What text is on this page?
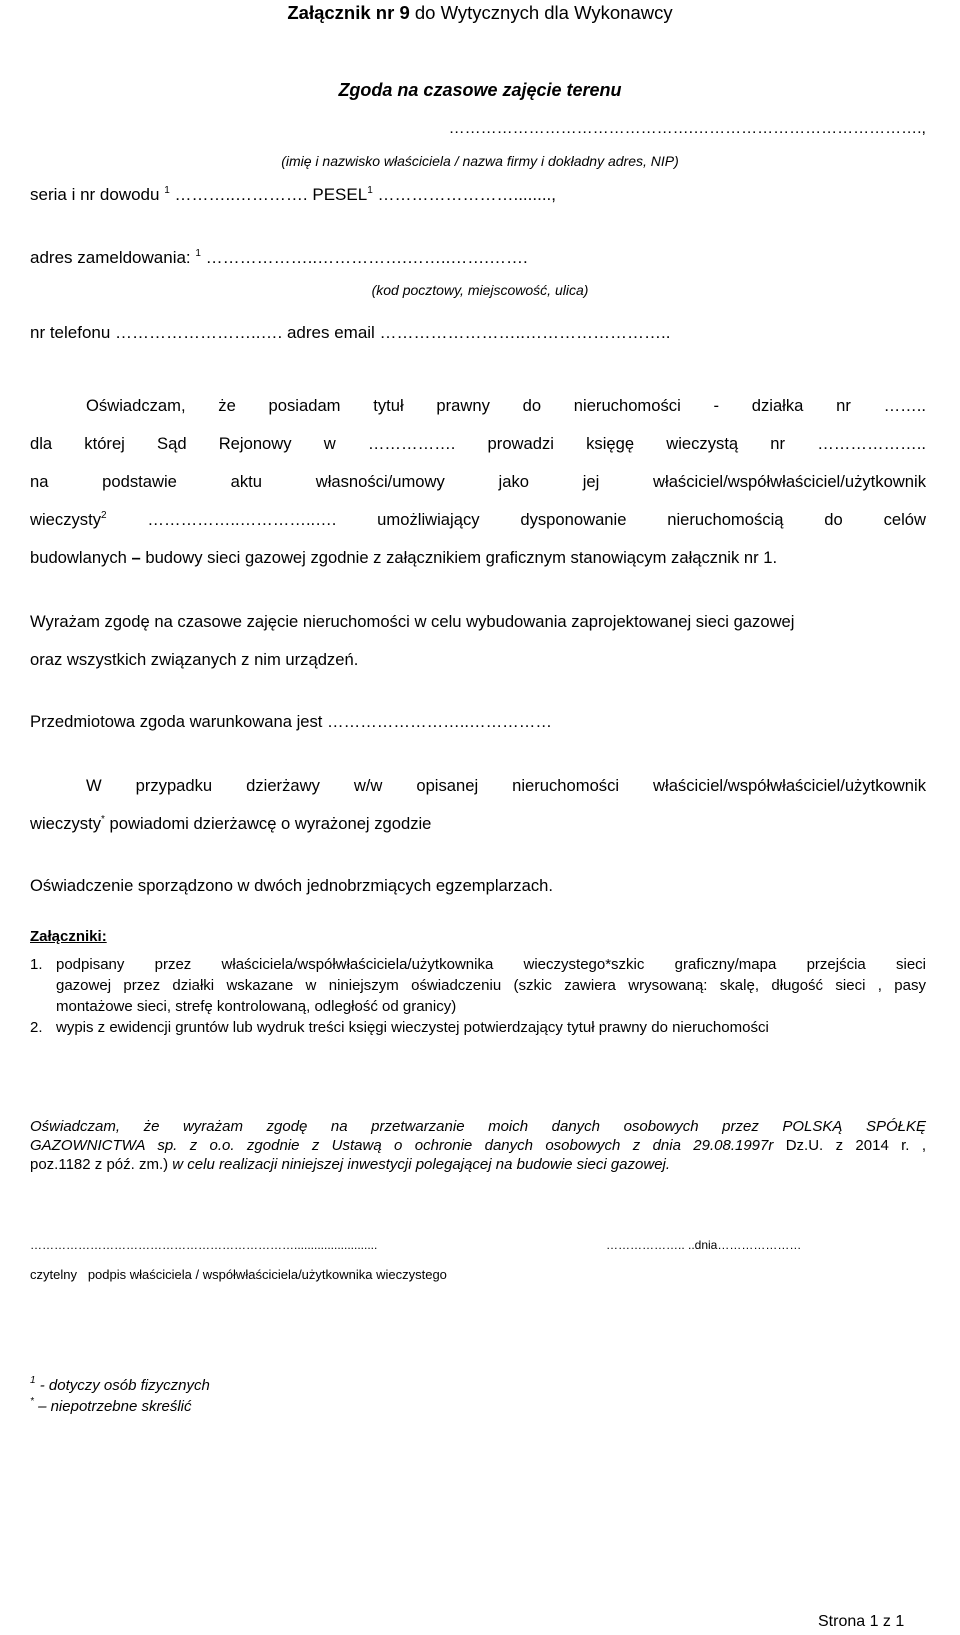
Załącznik nr 9 do Wytycznych dla Wykonawcy
Zgoda na czasowe zajęcie terenu
……………………………………….…………………………………….,
(imię i nazwisko właściciela / nazwa firmy i dokładny adres, NIP)
seria i nr dowodu $^1$ ………..…………. PESEL$^1$ ……………………........,
adres zameldowania: $^1$ ………………..…………….……..…….…….
(kod pocztowy, miejscowość, ulica)
nr telefonu ……………………..…. adres email ……………………..……………………..
Oświadczam, że posiadam tytuł prawny do nieruchomości - działka nr ……..
dla której Sąd Rejonowy w ……………. prowadzi księgę wieczystą nr ………………..
na podstawie aktu własności/umowy jako jej właściciel/współwłaściciel/użytkownik
wieczysty$^2$ ……………..…………..…. umożliwiający dysponowanie nieruchomością do celów
budowlanych – budowy sieci gazowej zgodnie z załącznikiem graficznym stanowiącym załącznik nr 1.
Wyrażam zgodę na czasowe zajęcie nieruchomości w celu wybudowania zaprojektowanej sieci gazowej
oraz wszystkich związanych z nim urządzeń.
Przedmiotowa zgoda warunkowana jest ……………………..……………
W przypadku dzierżawy w/w opisanej nieruchomości właściciel/współwłaściciel/użytkownik
wieczysty* powiadomi dzierżawcę o wyrażonej zgodzie
Oświadczenie sporządzono w dwóch jednobrzmiących egzemplarzach.
Załączniki:
1. podpisany przez właściciela/współwłaściciela/użytkownika wieczystego*szkic graficzny/mapa przejścia sieci
gazowej przez działki wskazane w niniejszym oświadczeniu (szkic zawiera wrysowaną: skalę, długość sieci , pasy
montażowe sieci, strefę kontrolowaną, odległość od granicy)
2. wypis z ewidencji gruntów lub wydruk treści księgi wieczystej potwierdzający tytuł prawny do nieruchomości
Oświadczam, że wyrażam zgodę na przetwarzanie moich danych osobowych przez POLSKĄ SPÓŁKĘ
GAZOWNICTWA sp. z o.o. zgodnie z Ustawą o ochronie danych osobowych z dnia 29.08.1997r Dz.U. z 2014 r. ,
poz.1182 z póź. zm.) w celu realizacji niniejszej inwestycji polegającej na budowie sieci gazowej.
………………………………………………………….........................	……………….. ..dnia…………………
czytelny podpis właściciela / współwłaściciela/użytkownika wieczystego
$^1$ - dotyczy osób fizycznych
* – niepotrzebne skreślić
Strona 1 z 1
